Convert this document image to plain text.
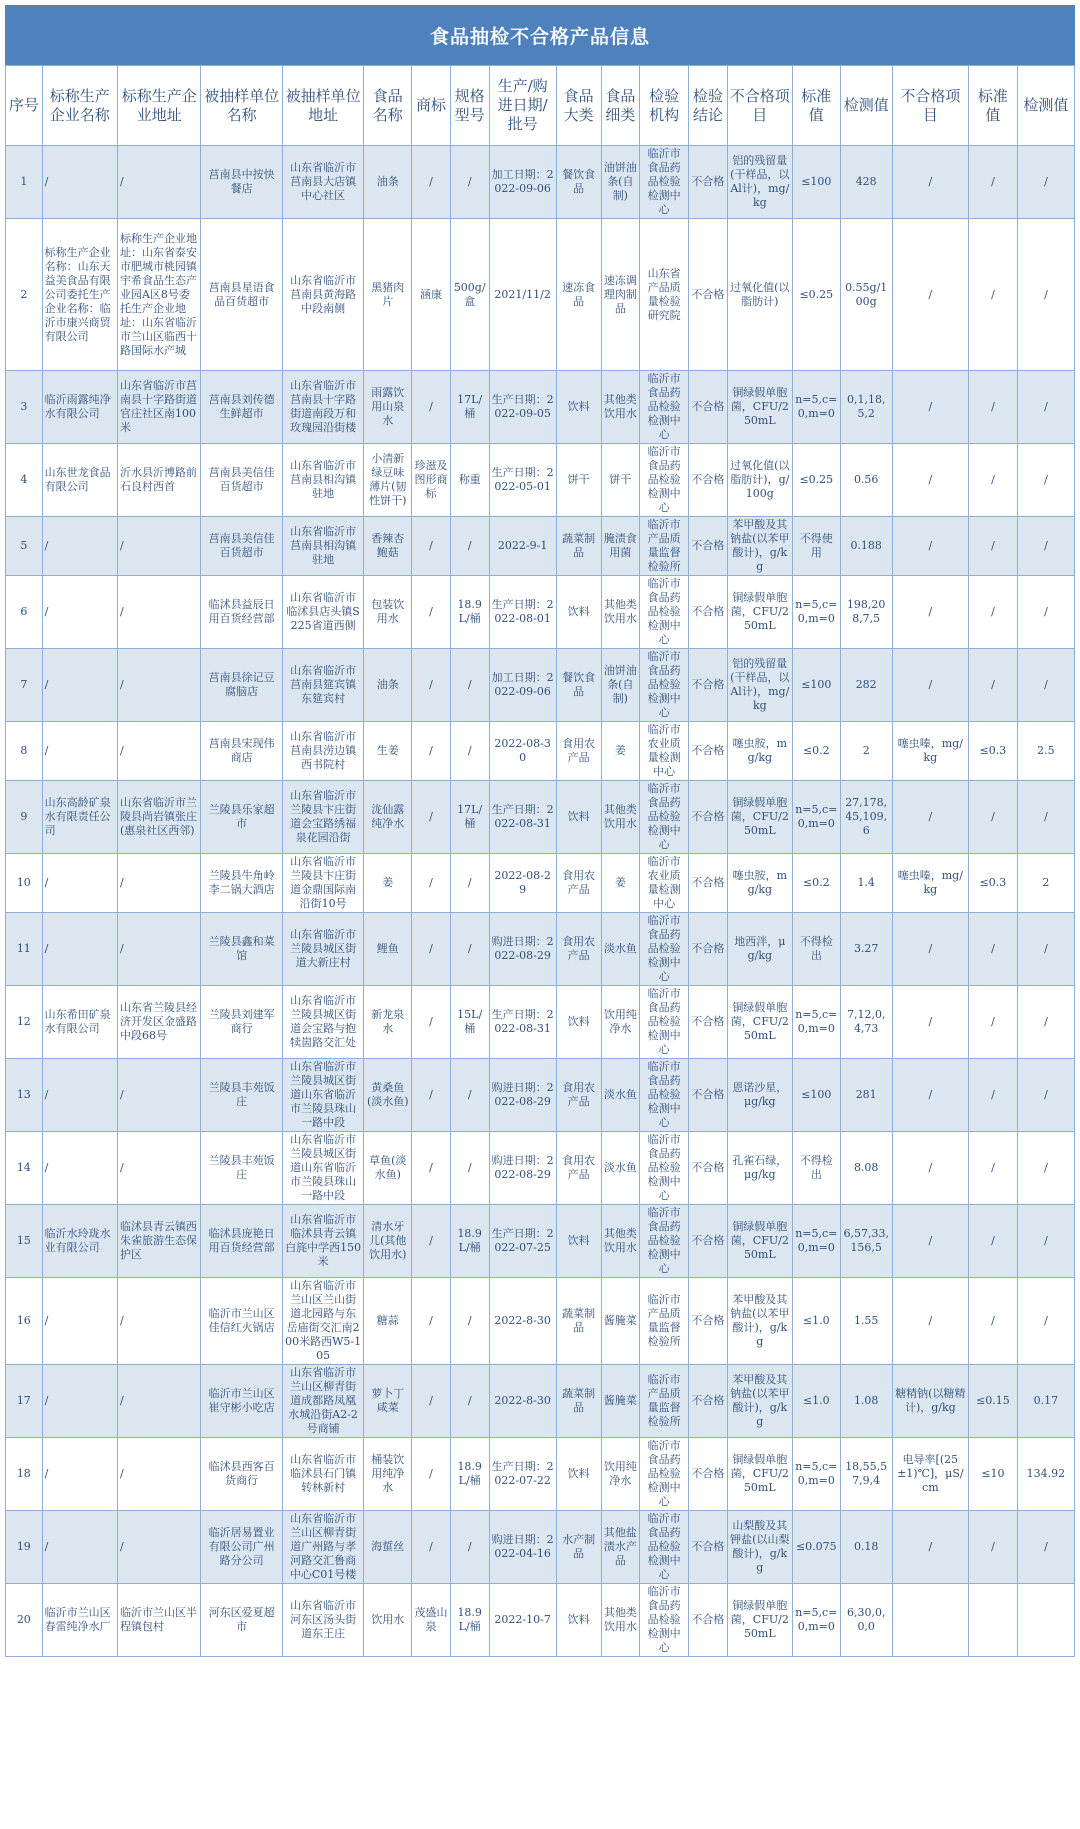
食品抽检不合格产品信息
序号	标称生产企业名称	标称生产企业地址	被抽样单位名称	被抽样单位地址	食品名称	商标	规格型号	生产/购进日期/批号	食品大类	食品细类	检验机构	检验结论	不合格项目	标准值	检测值	不合格项目	标准值	检测值
1	/	/	莒南县中按快餐店	山东省临沂市莒南县大店镇中心社区	油条	/	/	加工日期：2022-09-06	餐饮食品	油饼油条(自制)	临沂市食品药品检验检测中心	不合格	铝的残留量(干样品，以Al计)，mg/kg	≤100	428	/	/	/
2	标称生产企业名称：山东天益美食品有限公司委托生产企业名称：临沂市康兴商贸有限公司	标称生产企业地址：山东省泰安市肥城市桃园镇宇希食品生态产业园A区8号委托生产企业地址：山东省临沂市兰山区临西十路国际水产城	莒南县星语食品百货超市	山东省临沂市莒南县黄海路中段南侧	黑猪肉片	涵康	500g/盒	2021/11/2	速冻食品	速冻调理肉制品	山东省产品质量检验研究院	不合格	过氧化值(以脂肪计)	≤0.25	0.55g/100g	/	/	/
3	临沂雨露纯净水有限公司	山东省临沂市莒南县十字路街道官庄社区南100米	莒南县刘传德生鲜超市	山东省临沂市莒南县十字路街道南段万和玫瑰园沿街楼	雨露饮用山泉水	/	17L/桶	生产日期：2022-09-05	饮料	其他类饮用水	临沂市食品药品检验检测中心	不合格	铜绿假单胞菌，CFU/250mL	n=5,c=0,m=0	0,1,18,5,2	/	/	/
4	山东世龙食品有限公司	沂水县沂博路前石良村西首	莒南县美信佳百货超市	山东省临沂市莒南县相沟镇驻地	小清新绿豆味薄片(韧性饼干)	珍滋及图形商标	称重	生产日期：2022-05-01	饼干	饼干	临沂市食品药品检验检测中心	不合格	过氧化值(以脂肪计)，g/100g	≤0.25	0.56	/	/	/
5	/	/	莒南县美信佳百货超市	山东省临沂市莒南县相沟镇驻地	香辣杏鲍菇	/	/	2022-9-1	蔬菜制品	腌渍食用菌	临沂市产品质量监督检验所	不合格	苯甲酸及其钠盐(以苯甲酸计)，g/kg	不得使用	0.188	/	/	/
6	/	/	临沭县益辰日用百货经营部	山东省临沂市临沭县店头镇S225省道西侧	包装饮用水	/	18.9L/桶	生产日期：2022-08-01	饮料	其他类饮用水	临沂市食品药品检验检测中心	不合格	铜绿假单胞菌，CFU/250mL	n=5,c=0,m=0	198,208,7,5	/	/	/
7	/	/	莒南县徐记豆腐脑店	山东省临沂市莒南县筵宾镇东筵宾村	油条	/	/	加工日期：2022-09-06	餐饮食品	油饼油条(自制)	临沂市食品药品检验检测中心	不合格	铝的残留量(干样品，以Al计)，mg/kg	≤100	282	/	/	/
8	/	/	莒南县宋现伟商店	山东省临沂市莒南县涝边镇西书院村	生姜	/	/	2022-08-30	食用农产品	姜	临沂市农业质量检测中心	不合格	噻虫胺，mg/kg	≤0.2	2	噻虫嗪，mg/kg	≤0.3	2.5
9	山东高龄矿泉水有限责任公司	山东省临沂市兰陵县尚岩镇张庄(惠泉社区西邻)	兰陵县乐家超市	山东省临沂市兰陵县卞庄街道会宝路绣福泉花园沿街	泷仙露纯净水	/	17L/桶	生产日期：2022-08-31	饮料	其他类饮用水	临沂市食品药品检验检测中心	不合格	铜绿假单胞菌，CFU/250mL	n=5,c=0,m=0	27,178,45,109,6	/	/	/
10	/	/	兰陵县牛角岭李二锅大酒店	山东省临沂市兰陵县卞庄街道金鼎国际南沿街10号	姜	/	/	2022-08-29	食用农产品	姜	临沂市农业质量检测中心	不合格	噻虫胺，mg/kg	≤0.2	1.4	噻虫嗪，mg/kg	≤0.3	2
11	/	/	兰陵县鑫和菜馆	山东省临沂市兰陵县城区街道大新庄村	鲤鱼	/	/	购进日期：2022-08-29	食用农产品	淡水鱼	临沂市食品药品检验检测中心	不合格	地西泮，μg/kg	不得检出	3.27	/	/	/
12	山东希田矿泉水有限公司	山东省兰陵县经济开发区金盛路中段68号	兰陵县刘建军商行	山东省临沂市兰陵县城区街道会宝路与抱犊崮路交汇处	新龙泉水	/	15L/桶	生产日期：2022-08-31	饮料	饮用纯净水	临沂市食品药品检验检测中心	不合格	铜绿假单胞菌，CFU/250mL	n=5,c=0,m=0	7,12,0,4,73	/	/	/
13	/	/	兰陵县丰苑饭庄	山东省临沂市兰陵县城区街道山东省临沂市兰陵县珠山一路中段	黄桑鱼(淡水鱼)	/	/	购进日期：2022-08-29	食用农产品	淡水鱼	临沂市食品药品检验检测中心	不合格	恩诺沙星，μg/kg	≤100	281	/	/	/
14	/	/	兰陵县丰苑饭庄	山东省临沂市兰陵县城区街道山东省临沂市兰陵县珠山一路中段	草鱼(淡水鱼)	/	/	购进日期：2022-08-29	食用农产品	淡水鱼	临沂市食品药品检验检测中心	不合格	孔雀石绿，μg/kg	不得检出	8.08	/	/	/
15	临沂水玲珑水业有限公司	临沭县青云镇西朱雀旅游生态保护区	临沭县庞艳日用百货经营部	山东省临沂市临沭县青云镇白旄中学西150米	清水牙儿(其他饮用水)	/	18.9L/桶	生产日期：2022-07-25	饮料	其他类饮用水	临沂市食品药品检验检测中心	不合格	铜绿假单胞菌，CFU/250mL	n=5,c=0,m=0	6,57,33,156,5	/	/	/
16	/	/	临沂市兰山区佳信红火锅店	山东省临沂市兰山区兰山街道北园路与东岳庙街交汇南200米路西W5-105	糖蒜	/	/	2022-8-30	蔬菜制品	酱腌菜	临沂市产品质量监督检验所	不合格	苯甲酸及其钠盐(以苯甲酸计)，g/kg	≤1.0	1.55	/	/	/
17	/	/	临沂市兰山区崔守彬小吃店	山东省临沂市兰山区柳青街道成都路凤凰水城沿街A2-2号商铺	萝卜丁咸菜	/	/	2022-8-30	蔬菜制品	酱腌菜	临沂市产品质量监督检验所	不合格	苯甲酸及其钠盐(以苯甲酸计)，g/kg	≤1.0	1.08	糖精钠(以糖精计)，g/kg	≤0.15	0.17
18	/	/	临沭县西客百货商行	山东省临沂市临沭县石门镇转林新村	桶装饮用纯净水	/	18.9L/桶	生产日期：2022-07-22	饮料	饮用纯净水	临沂市食品药品检验检测中心	不合格	铜绿假单胞菌，CFU/250mL	n=5,c=0,m=0	18,55,57,9,4	电导率[(25±1)℃]，μS/cm	≤10	134.92
19	/	/	临沂居易置业有限公司广州路分公司	山东省临沂市兰山区柳青街道广州路与孝河路交汇鲁商中心C01号楼	海蜇丝	/	/	购进日期：2022-04-16	水产制品	其他盐渍水产品	临沂市食品药品检验检测中心	不合格	山梨酸及其钾盐(以山梨酸计)，g/kg	≤0.075	0.18	/	/	/
20	临沂市兰山区春雷纯净水厂	临沂市兰山区半程镇包村	河东区爱夏超市	山东省临沂市河东区汤头街道东王庄	饮用水	茂盛山泉	18.9L/桶	2022-10-7	饮料	其他类饮用水	临沂市食品药品检验检测中心	不合格	铜绿假单胞菌，CFU/250mL	n=5,c=0,m=0	6,30,0,0,0			
